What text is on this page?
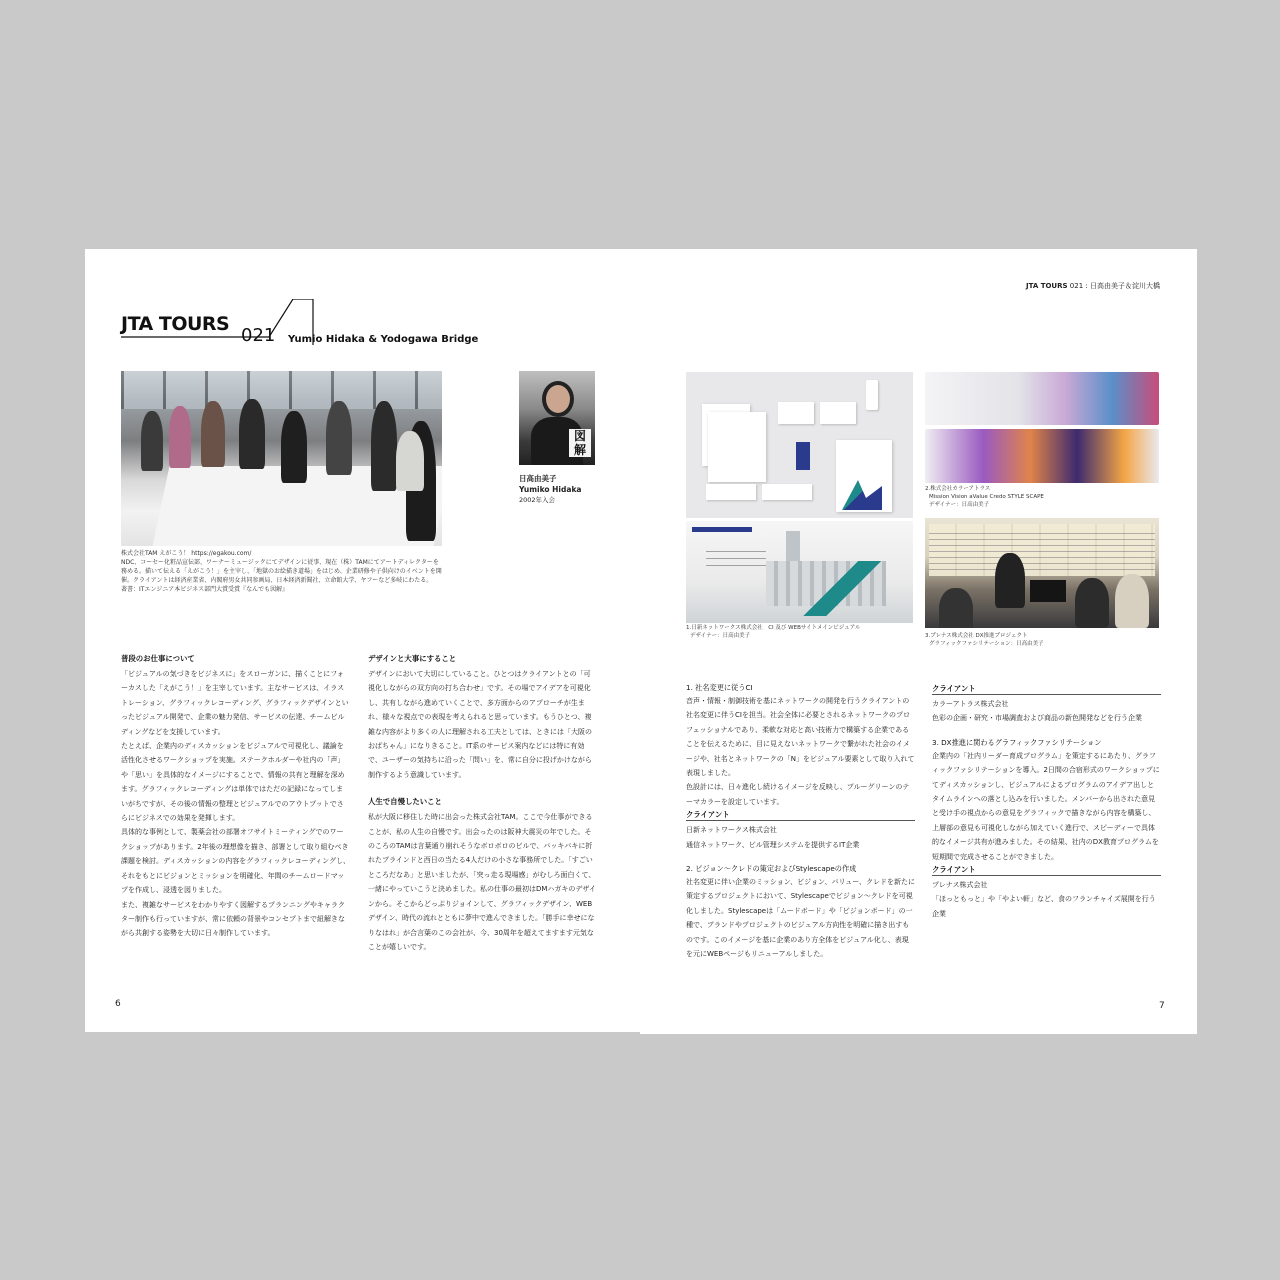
JTA TOURS
021 Yumio Hidaka & Yodogawa Bridge
図解
日高由美子
Yumiko Hidaka
2002年入会
株式会社TAM えがこう！ https://egakou.com/
NDC、コーセー化粧品宣伝部、ワーナーミュージックにてデザインに従事、現在（株）TAMにてアートディレクターを務める。描いて伝える「えがこう！」を主宰し、「地獄のお絵描き道場」をはじめ、企業研修や子供向けのイベントを開催。クライアントは経済産業省、内閣府男女共同参画局、日本経済新聞社、立命館大学、ヤフーなど多岐にわたる。
著書：ITエンジニア本ビジネス部門大賞受賞『なんでも図解』
普段のお仕事について

「ビジュアルの気づきをビジネスに」をスローガンに、描くことにフォーカスした「えがこう！」を主宰しています。主なサービスは、イラストレーション、グラフィックレコーディング、グラフィックデザインといったビジュアル開発で、企業の魅力発信、サービスの伝達、チームビルディングなどを支援しています。

たとえば、企業内のディスカッションをビジュアルで可視化し、議論を活性化させるワークショップを実施。ステークホルダーや社内の「声」や「思い」を具体的なイメージにすることで、情報の共有と理解を深めます。グラフィックレコーディングは単体ではただの記録になってしまいがちですが、その後の情報の整理とビジュアルでのアウトプットでさらにビジネスでの効果を発揮します。

具体的な事例として、製薬会社の部署オフサイトミーティングでのワークショップがあります。2年後の理想像を描き、部署として取り組むべき課題を検討。ディスカッションの内容をグラフィックレコーディングし、それをもとにビジョンとミッションを明確化、年間のチームロードマップを作成し、浸透を図りました。

また、複雑なサービスをわかりやすく図解するプランニングやキャラクター制作も行っていますが、常に依頼の背景やコンセプトまで紐解きながら共創する姿勢を大切に日々制作しています。

デザインと大事にすること

デザインにおいて大切にしていること。ひとつはクライアントとの「可視化しながらの双方向の打ち合わせ」です。その場でアイデアを可視化し、共有しながら進めていくことで、多方面からのアプローチが生まれ、様々な視点での表現を考えられると思っています。もうひとつ、複雑な内容がより多くの人に理解される工夫としては、ときには「大阪のおばちゃん」になりきること。IT系のサービス案内などには特に有効で、ユーザーの気持ちに沿った「問い」を、常に自分に投げかけながら制作するよう意識しています。

人生で自慢したいこと

私が大阪に移住した時に出会った株式会社TAM。ここで今仕事ができることが、私の人生の自慢です。出会ったのは阪神大震災の年でした。そのころのTAMは言葉通り崩れそうなボロボロのビルで、バッキバキに折れたブラインドと西日の当たる4人だけの小さな事務所でした。「すごいところだなあ」と思いましたが、「突っ走る現場感」がむしろ面白くて、一緒にやっていこうと決めました。私の仕事の最初はDMハガキのデザインから。そこからどっぷりジョインして、グラフィックデザイン、WEBデザイン、時代の流れとともに夢中で進んできました。「勝手に幸せになりなはれ」が合言葉のこの会社が、今、30周年を超えてますます元気なことが嬉しいです。

6
JTA TOURS 021 : 日高由美子＆淀川大橋
1.日新ネットワークス株式会社　CI 及び WEBサイトメインビジュアル
デザイナー：日高由美子
2.株式会社カラーアトラス
Mission Vision aValue Credo STYLE SCAPE
デザイナー：日高由美子
3.プレナス株式会社 DX推進プロジェクト
グラフィックファシリテーション：日高由美子
1. 社名変更に従うCI

音声・情報・制御技術を基にネットワークの開発を行うクライアントの社名変更に伴うCIを担当。社会全体に必要とされるネットワークのプロフェッショナルであり、柔軟な対応と高い技術力で構築する企業であることを伝えるために、目に見えないネットワークで繋がれた社会のイメージや、社名とネットワークの「N」をビジュアル要素として取り入れて表現しました。

色設計には、日々進化し続けるイメージを反映し、ブルーグリーンのテーマカラーを設定しています。

クライアント
日新ネットワークス株式会社
通信ネットワーク、ビル管理システムを提供するIT企業
2. ビジョン〜クレドの策定およびStylescapeの作成

社名変更に伴い企業のミッション、ビジョン、バリュー、クレドを新たに策定するプロジェクトにおいて、Stylescapeでビジョン〜クレドを可視化しました。Stylescapeは「ムードボード」や「ビジョンボード」の一種で、ブランドやプロジェクトのビジュアル方向性を明確に描き出すものです。このイメージを基に企業のあり方全体をビジュアル化し、表現を元にWEBページもリニューアルしました。

クライアント
カラーアトラス株式会社
色彩の企画・研究・市場調査および商品の新色開発などを行う企業
3. DX推進に関わるグラフィックファシリテーション

企業内の「社内リーダー育成プログラム」を策定するにあたり、グラフィックファシリテーションを導入。2日間の合宿形式のワークショップにてディスカッションし、ビジュアルによるプログラムのアイデア出しとタイムラインへの落とし込みを行いました。メンバーから出された意見と受け手の視点からの意見をグラフィックで描きながら内容を構築し、上層部の意見も可視化しながら加えていく進行で、スピーディーで具体的なイメージ共有が進みました。その結果、社内のDX教育プログラムを短期間で完成させることができました。

クライアント
プレナス株式会社
「ほっともっと」や「やよい軒」など、食のフランチャイズ展開を行う企業
7
